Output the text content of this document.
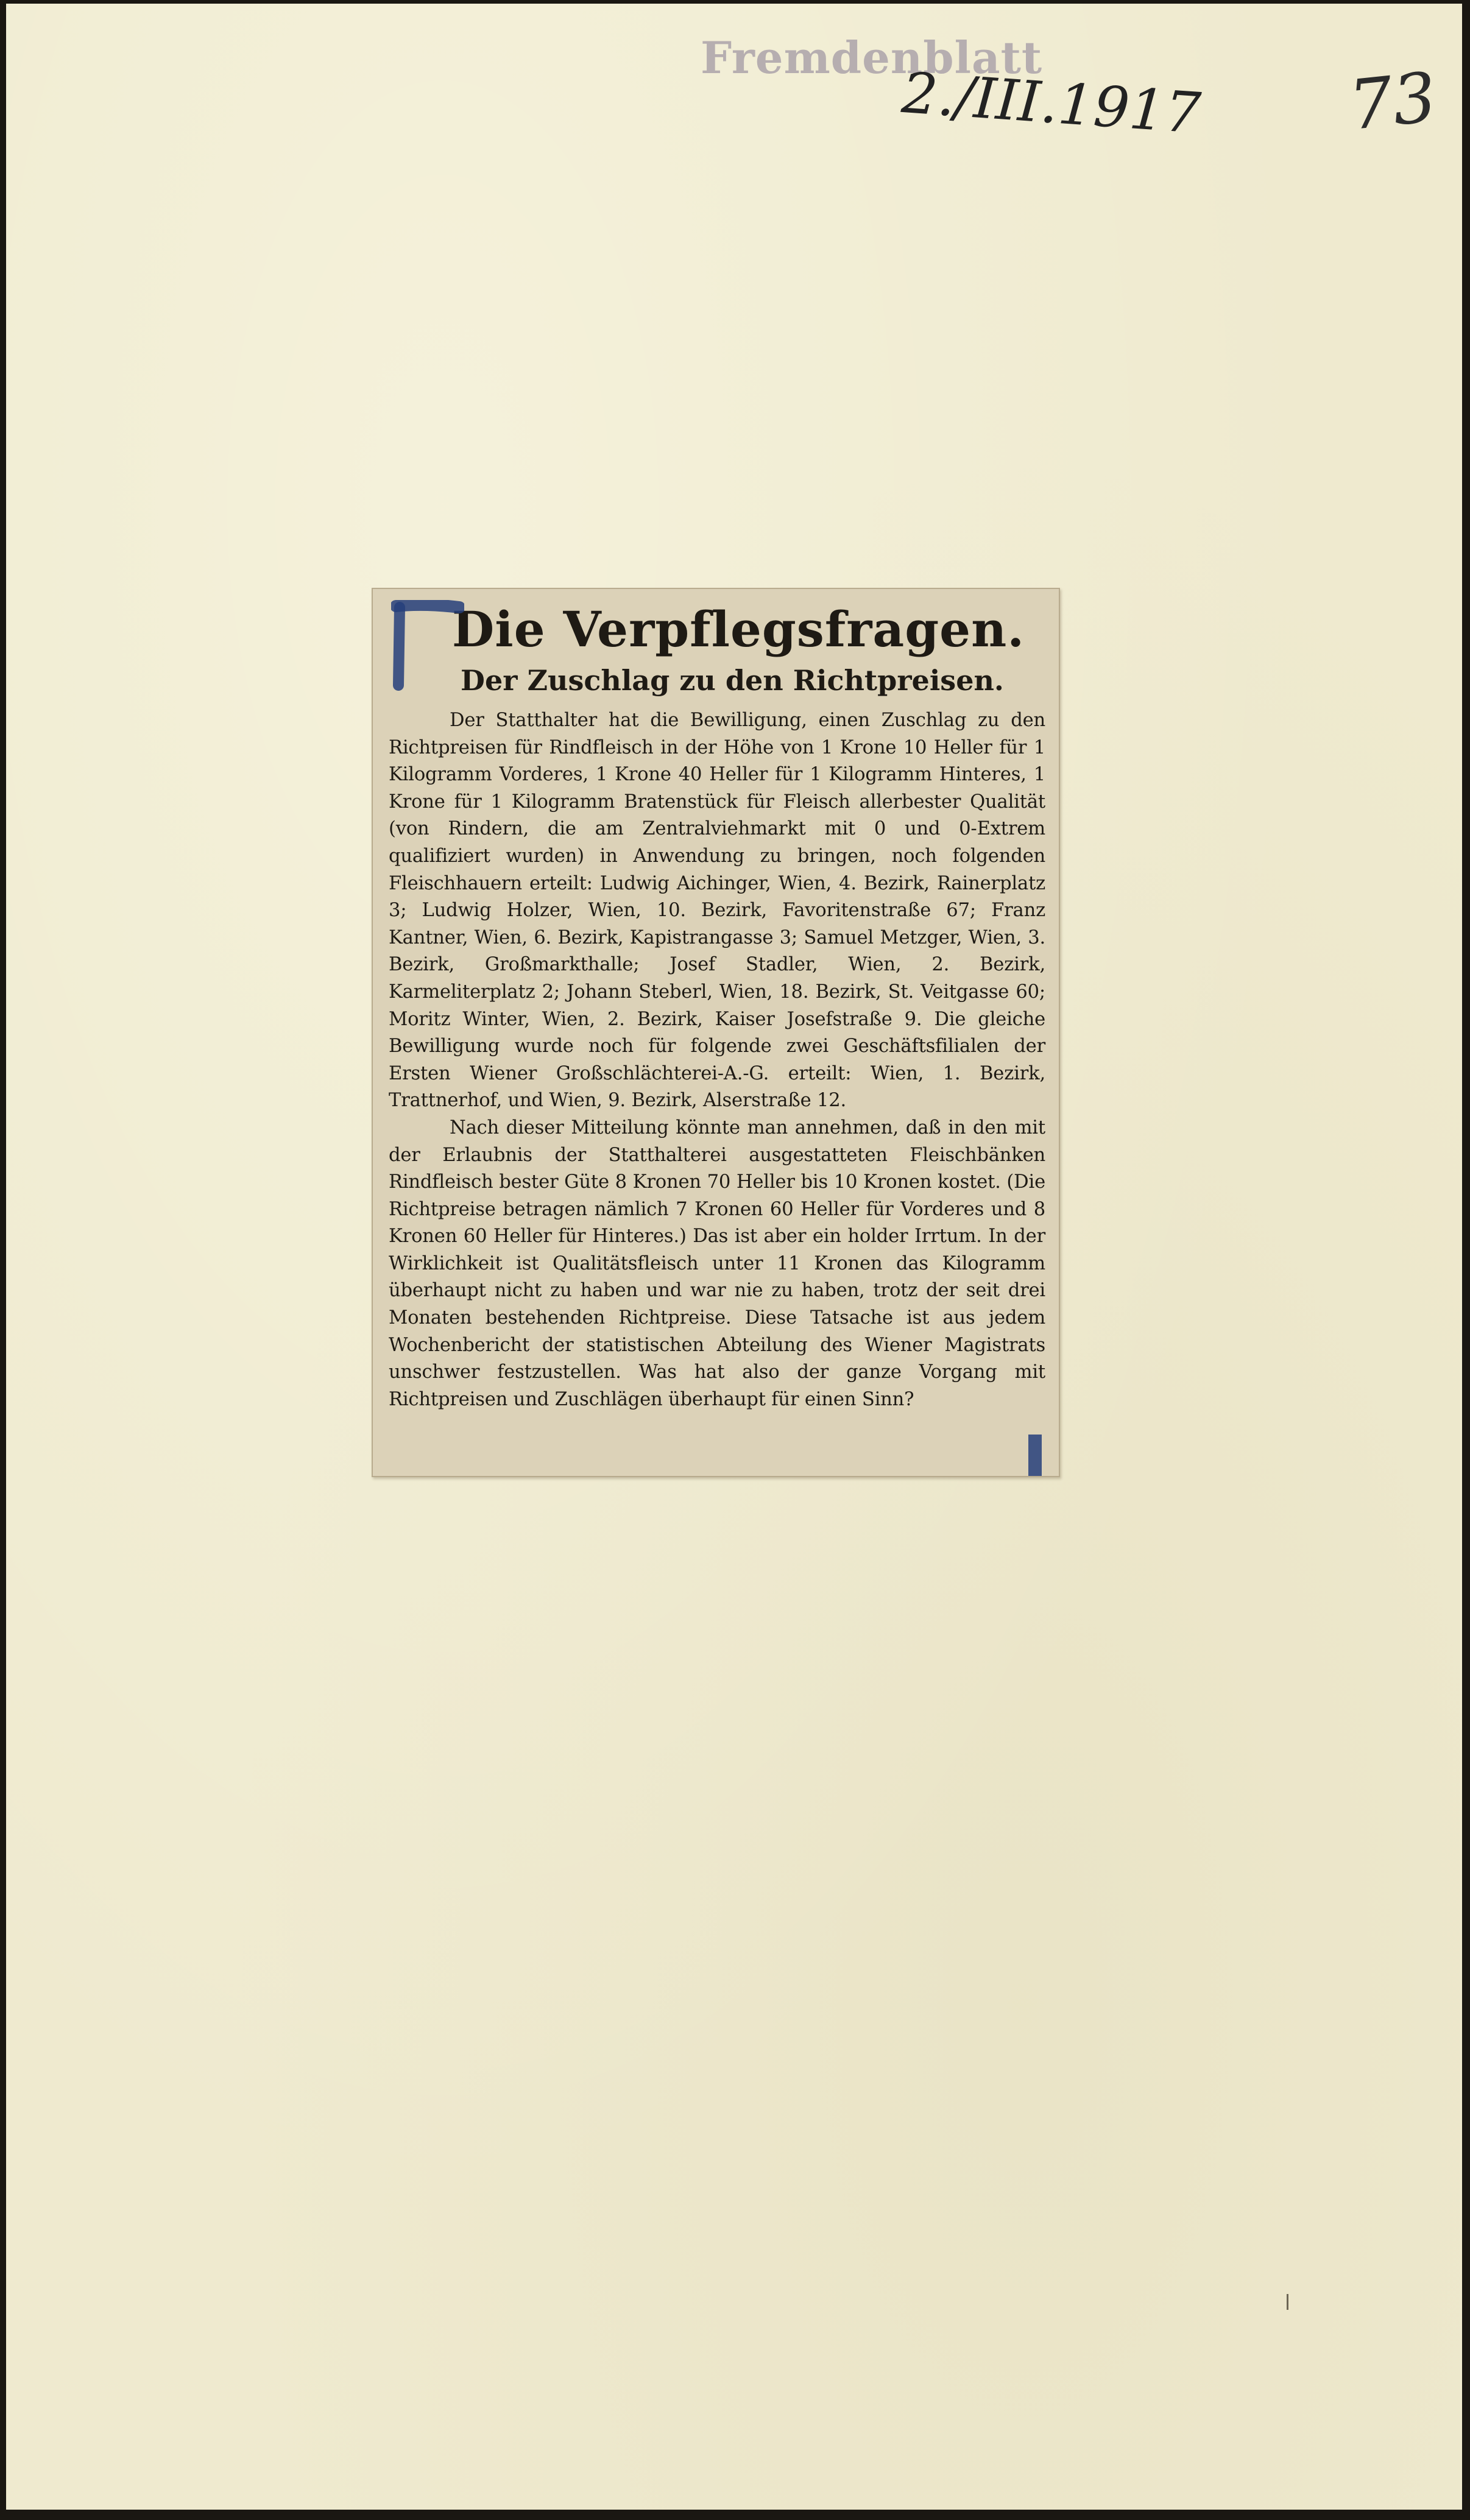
Fremdenblatt
2./III.1917 73
Die Verpflegsfragen.
Der Zuschlag zu den Richtpreisen.

Der Statthalter hat die Bewilligung, einen Zuschlag zu den Richtpreisen für Rindfleisch in der Höhe von 1 Krone 10 Heller für 1 Kilogramm Vorderes, 1 Krone 40 Heller für 1 Kilogramm Hinteres, 1 Krone für 1 Kilogramm Bratenstück für Fleisch allerbester Qualität (von Rindern, die am Zentralviehmarkt mit 0 und 0-Extrem qualifiziert wurden) in Anwendung zu bringen, noch folgenden Fleischhauern erteilt: Ludwig Aichinger, Wien, 4. Bezirk, Rainerplatz 3; Ludwig Holzer, Wien, 10. Bezirk, Favoritenstraße 67; Franz Kantner, Wien, 6. Bezirk, Kapistrangasse 3; Samuel Metzger, Wien, 3. Bezirk, Großmarkthalle; Josef Stadler, Wien, 2. Bezirk, Karmeliterplatz 2; Johann Steberl, Wien, 18. Bezirk, St. Veitgasse 60; Moritz Winter, Wien, 2. Bezirk, Kaiser Josefstraße 9. Die gleiche Bewilligung wurde noch für folgende zwei Geschäftsfilialen der Ersten Wiener Großschlächterei-A.-G. erteilt: Wien, 1. Bezirk, Trattnerhof, und Wien, 9. Bezirk, Alserstraße 12.

Nach dieser Mitteilung könnte man annehmen, daß in den mit der Erlaubnis der Statthalterei ausgestatteten Fleischbänken Rindfleisch bester Güte 8 Kronen 70 Heller bis 10 Kronen kostet. (Die Richtpreise betragen nämlich 7 Kronen 60 Heller für Vorderes und 8 Kronen 60 Heller für Hinteres.) Das ist aber ein holder Irrtum. In der Wirklichkeit ist Qualitätsfleisch unter 11 Kronen das Kilogramm überhaupt nicht zu haben und war nie zu haben, trotz der seit drei Monaten bestehenden Richtpreise. Diese Tatsache ist aus jedem Wochenbericht der statistischen Abteilung des Wiener Magistrats unschwer festzustellen. Was hat also der ganze Vorgang mit Richtpreisen und Zuschlägen überhaupt für einen Sinn?
